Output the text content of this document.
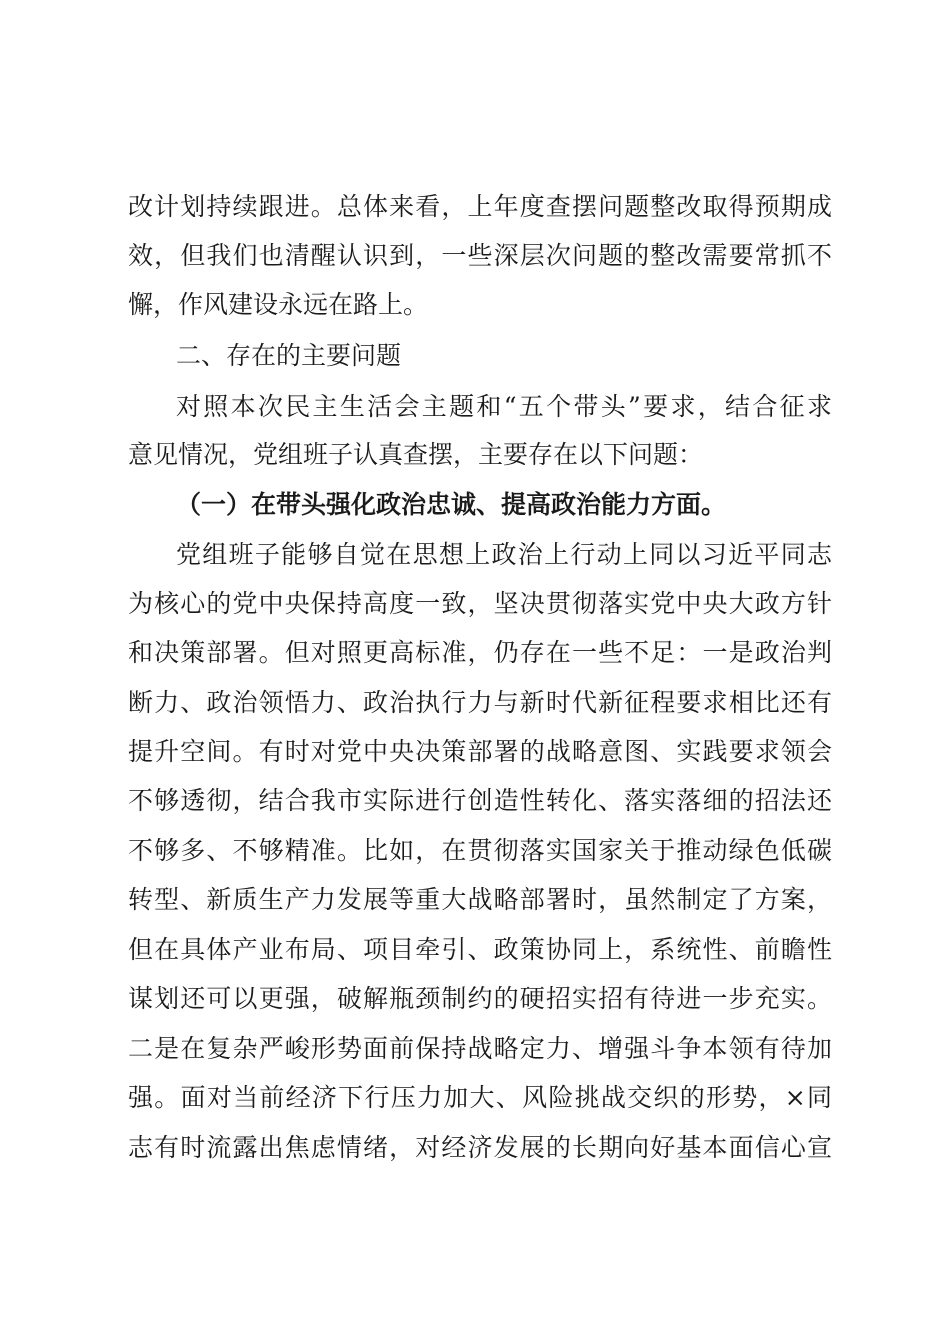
改计划持续跟进。总体来看，上年度查摆问题整改取得预期成
效，但我们也清醒认识到，一些深层次问题的整改需要常抓不
懈，作风建设永远在路上。
二、存在的主要问题
对照本次民主生活会主题和“五个带头”要求，结合征求
意见情况，党组班子认真查摆，主要存在以下问题：
（一）在带头强化政治忠诚、提高政治能力方面。
党组班子能够自觉在思想上政治上行动上同以习近平同志
为核心的党中央保持高度一致，坚决贯彻落实党中央大政方针
和决策部署。但对照更高标准，仍存在一些不足：一是政治判
断力、政治领悟力、政治执行力与新时代新征程要求相比还有
提升空间。有时对党中央决策部署的战略意图、实践要求领会
不够透彻，结合我市实际进行创造性转化、落实落细的招法还
不够多、不够精准。比如，在贯彻落实国家关于推动绿色低碳
转型、新质生产力发展等重大战略部署时，虽然制定了方案，
但在具体产业布局、项目牵引、政策协同上，系统性、前瞻性
谋划还可以更强，破解瓶颈制约的硬招实招有待进一步充实。
二是在复杂严峻形势面前保持战略定力、增强斗争本领有待加
强。面对当前经济下行压力加大、风险挑战交织的形势，×同
志有时流露出焦虑情绪，对经济发展的长期向好基本面信心宣
